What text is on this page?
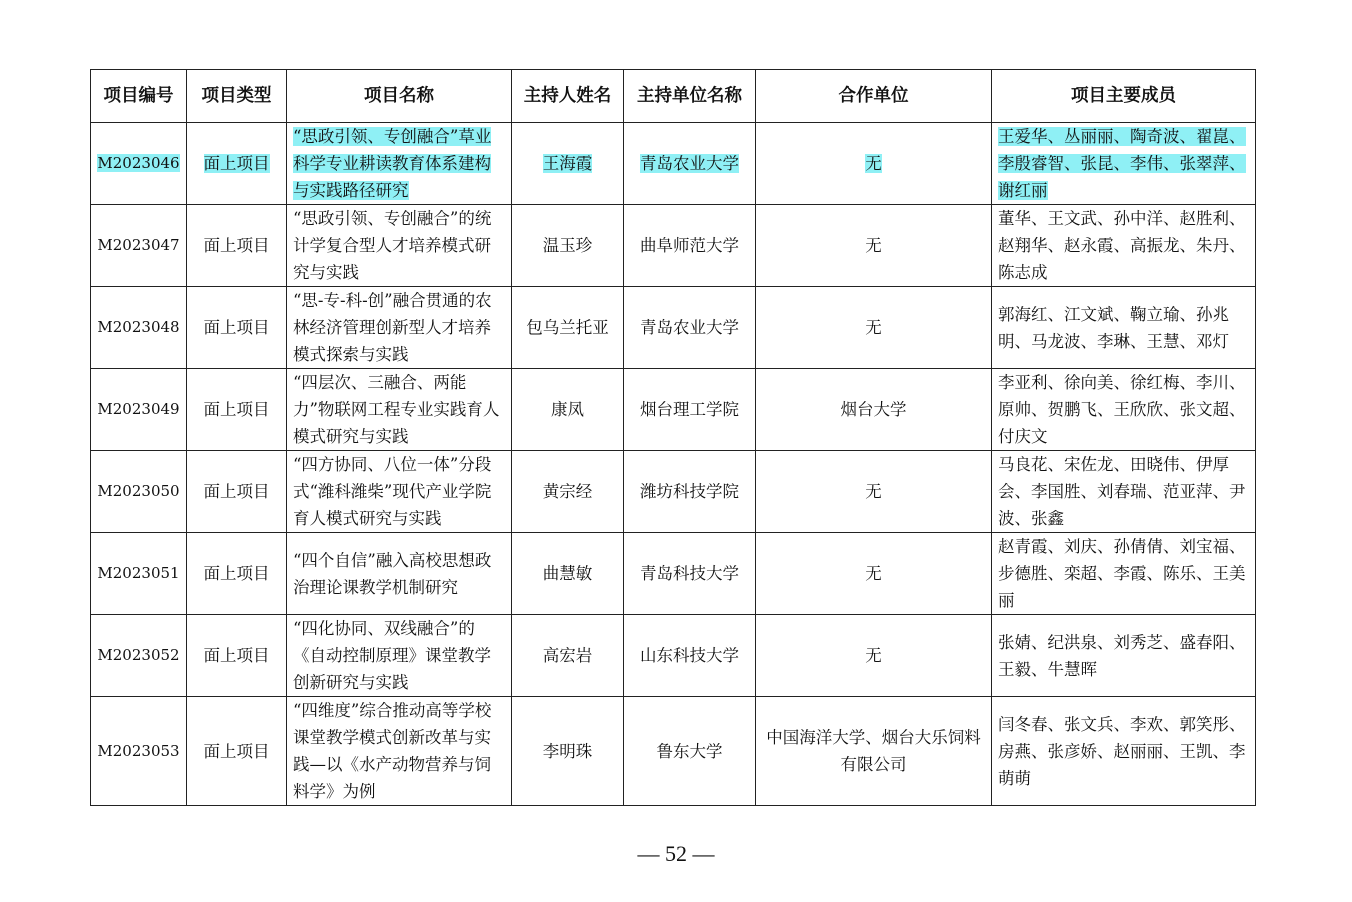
项目编号	项目类型	项目名称	主持人姓名	主持单位名称	合作单位	项目主要成员
M2023046	面上项目	“思政引领、专创融合”草业科学专业耕读教育体系建构与实践路径研究	王海霞	青岛农业大学	无	王爱华、丛丽丽、陶奇波、翟崑、李殷睿智、张昆、李伟、张翠萍、谢红丽
M2023047	面上项目	“思政引领、专创融合”的统计学复合型人才培养模式研究与实践	温玉珍	曲阜师范大学	无	董华、王文武、孙中洋、赵胜利、赵翔华、赵永霞、高振龙、朱丹、陈志成
M2023048	面上项目	“思-专-科-创”融合贯通的农林经济管理创新型人才培养模式探索与实践	包乌兰托亚	青岛农业大学	无	郭海红、江文斌、鞠立瑜、孙兆明、马龙波、李琳、王慧、邓灯
M2023049	面上项目	“四层次、三融合、两能力”物联网工程专业实践育人模式研究与实践	康凤	烟台理工学院	烟台大学	李亚利、徐向美、徐红梅、李川、原帅、贺鹏飞、王欣欣、张文超、付庆文
M2023050	面上项目	“四方协同、八位一体”分段式“潍科潍柴”现代产业学院育人模式研究与实践	黄宗经	潍坊科技学院	无	马良花、宋佐龙、田晓伟、伊厚会、李国胜、刘春瑞、范亚萍、尹波、张鑫
M2023051	面上项目	“四个自信”融入高校思想政治理论课教学机制研究	曲慧敏	青岛科技大学	无	赵青霞、刘庆、孙倩倩、刘宝福、步德胜、栾超、李霞、陈乐、王美丽
M2023052	面上项目	“四化协同、双线融合”的《自动控制原理》课堂教学创新研究与实践	高宏岩	山东科技大学	无	张婧、纪洪泉、刘秀芝、盛春阳、王毅、牛慧晖
M2023053	面上项目	“四维度”综合推动高等学校课堂教学模式创新改革与实践—以《水产动物营养与饲料学》为例	李明珠	鲁东大学	中国海洋大学、烟台大乐饲料有限公司	闫冬春、张文兵、李欢、郭笑彤、房燕、张彦娇、赵丽丽、王凯、李萌萌
— 52 —
